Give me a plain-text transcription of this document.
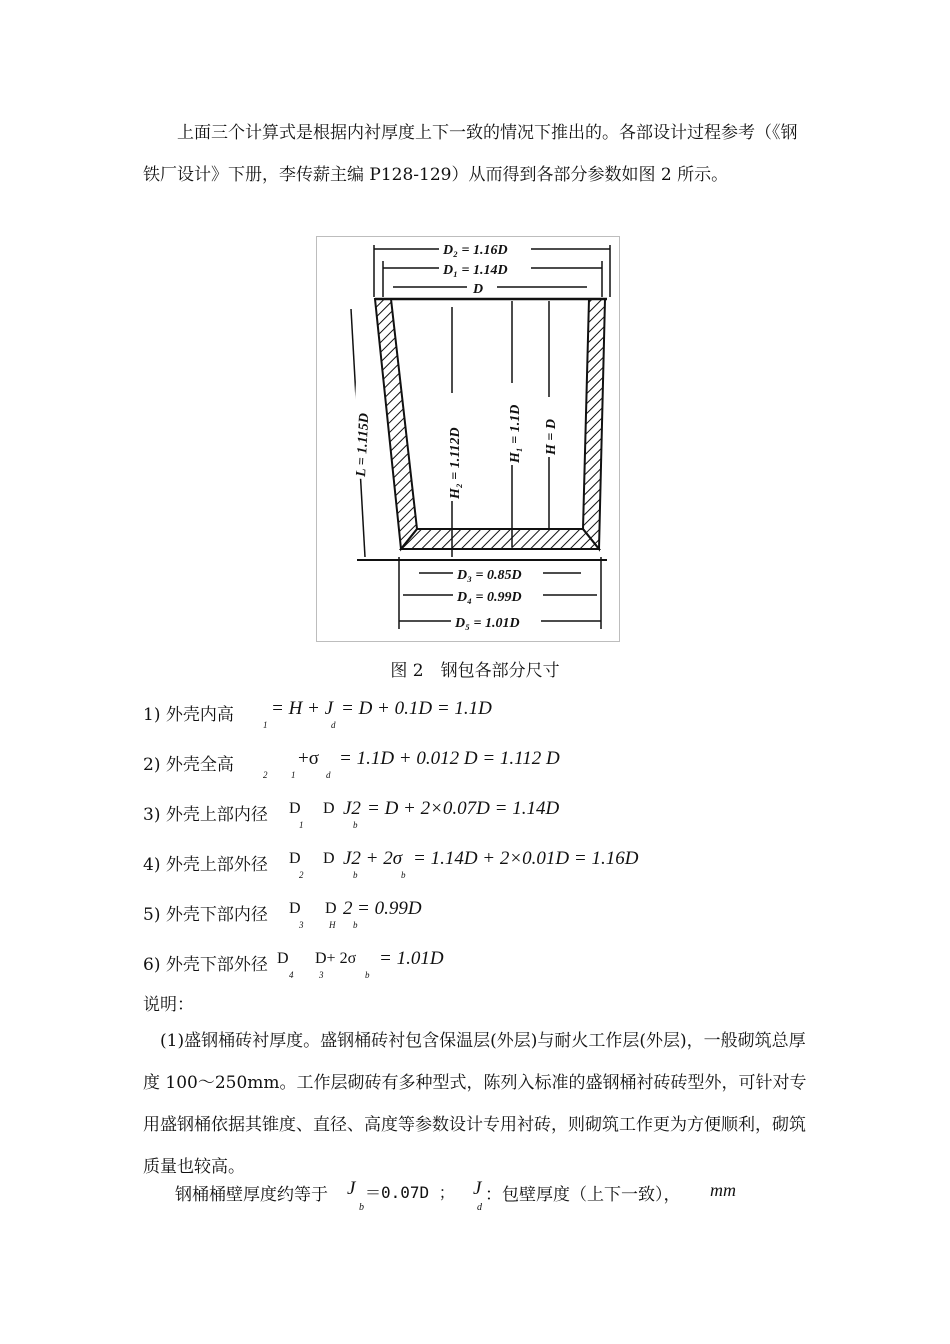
上面三个计算式是根据内衬厚度上下一致的情况下推出的。各部设计过程参考（《钢铁厂设计》下册，李传薪主编 P128-129）从而得到各部分参数如图 2 所示。

D₂ = 1.16D
D₁ = 1.14D
D
L = 1.115D	H₂ = 1.112D	H₁ = 1.1D H = D
D₃ = 0.85D
D₄ = 0.99D
D₅ = 1.01D
图 2　钢包各部分尺寸
1) 外壳内高 = H + J
1	d
= D + 0.1D = 1.1D
2) 外壳全高	+σ
2	1	d
= 1.1D + 0.012 D = 1.112 D
3) 外壳上部内径 D D J2
1	b
= D + 2×0.07D = 1.14D
4) 外壳上部外径 D D J2 + 2σ
2	b	b
= 1.14D + 2×0.01D = 1.16D
5) 外壳下部内径 D D 2
3	H b
= 0.99D
6) 外壳下部外径 D D+ 2σ
4	3	b
= 1.01D
说明：

(1)盛钢桶砖衬厚度。盛钢桶砖衬包含保温层(外层)与耐火工作层(外层)，一般砌筑总厚度 100～250mm。工作层砌砖有多种型式，陈列入标准的盛钢桶衬砖砖型外，可针对专用盛钢桶依据其锥度、直径、高度等参数设计专用衬砖，则砌筑工作更为方便顺利，砌筑质量也较高。

钢桶桶壁厚度约等于 J
b
＝0.07D ； J
d
：包壁厚度（上下一致）， mm
